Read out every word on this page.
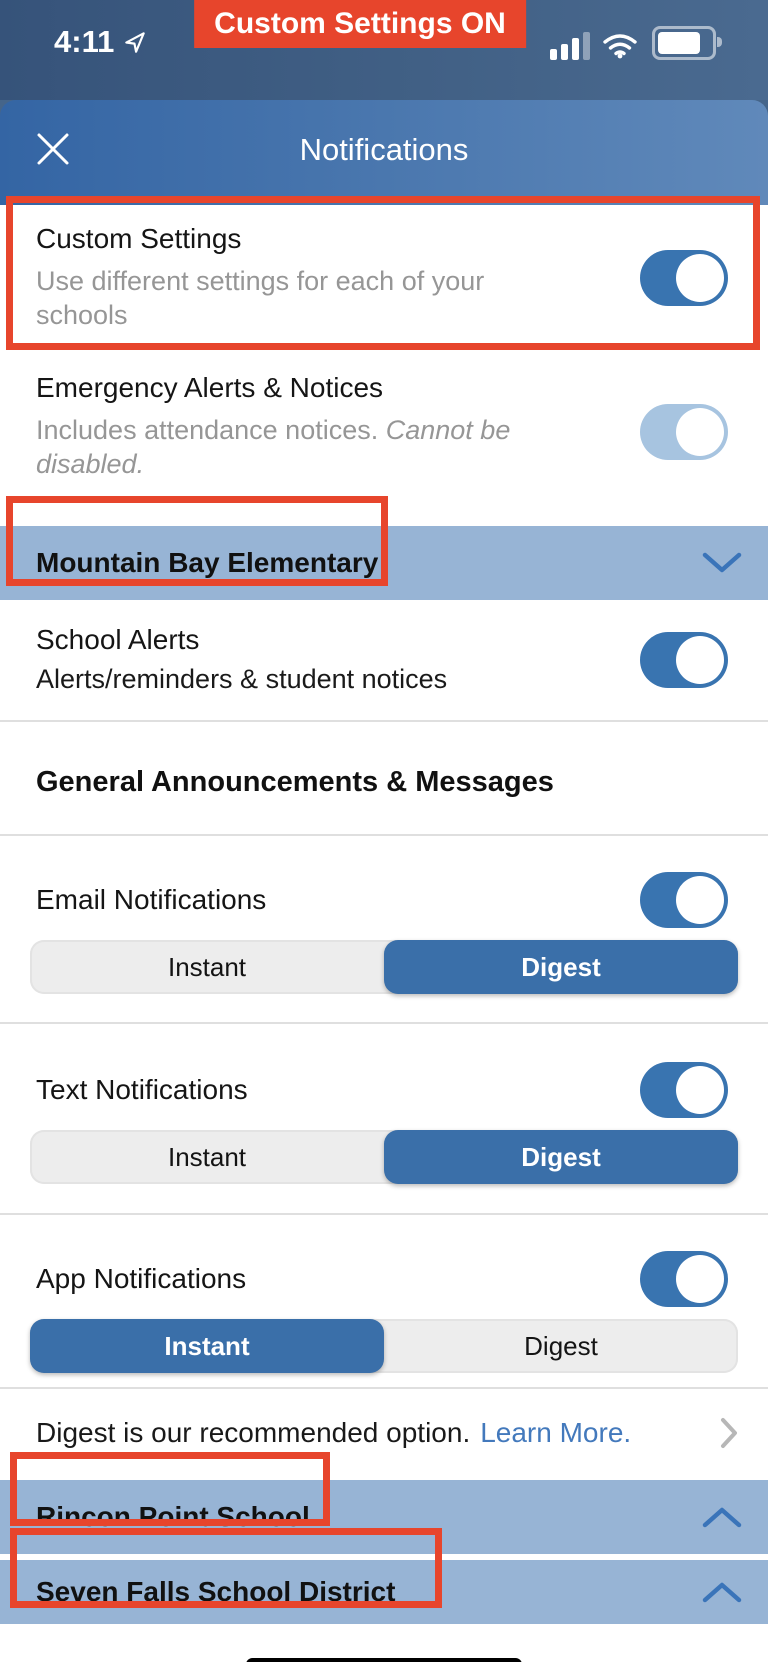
4:11
Custom Settings ON
Notifications
Custom Settings
Use different settings for each of your schools
Emergency Alerts & Notices
Includes attendance notices. Cannot be disabled.
Mountain Bay Elementary
School Alerts
Alerts/reminders & student notices
General Announcements & Messages
Email Notifications
Instant	Digest
Text Notifications
Instant	Digest
App Notifications
Instant	Digest
Digest is our recommended option. Learn More.
Rincon Point School
Seven Falls School District
